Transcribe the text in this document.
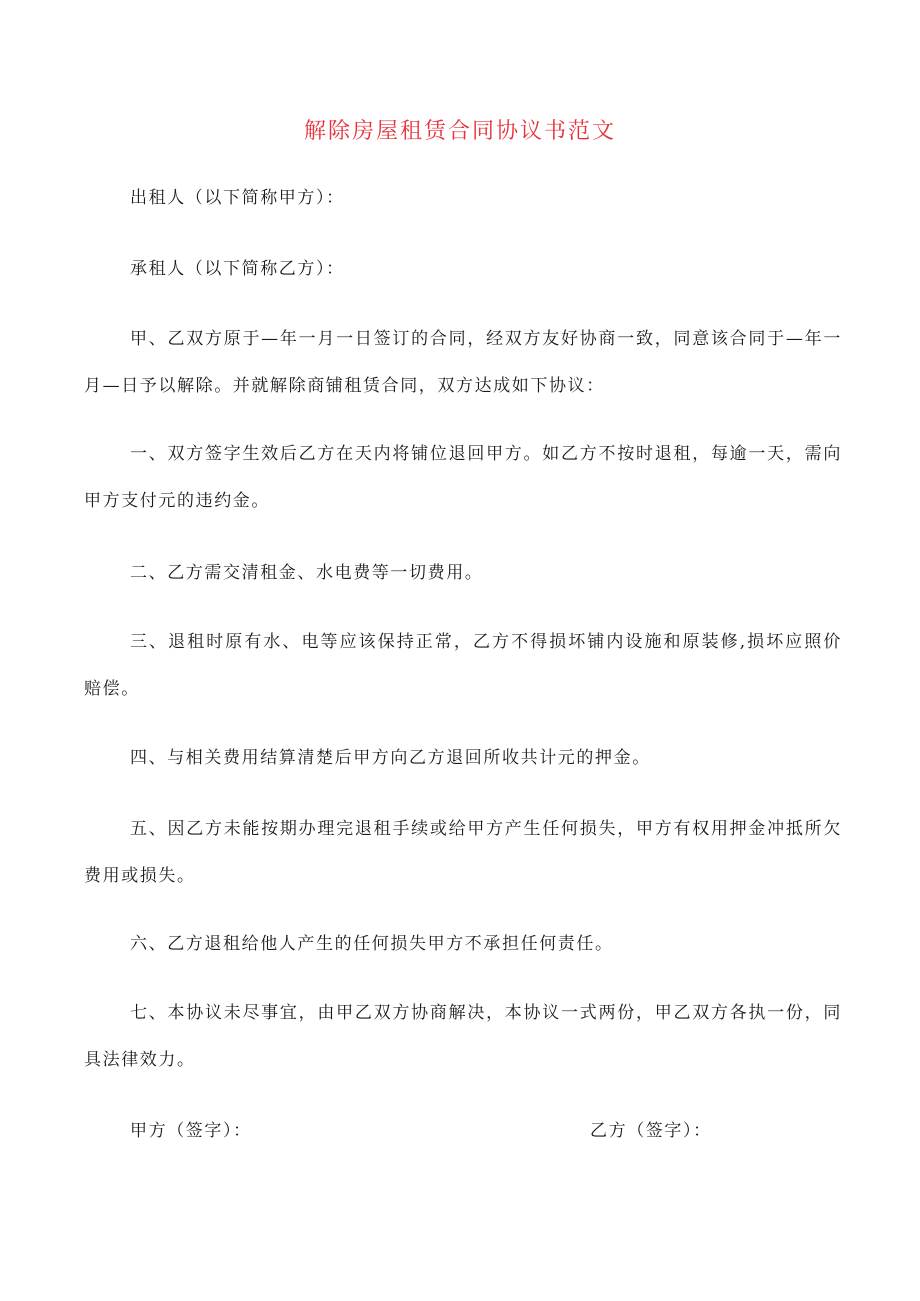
解除房屋租赁合同协议书范文

出租人（以下简称甲方）：

承租人（以下简称乙方）：

甲、乙双方原于—年一月一日签订的合同，经双方友好协商一致，同意该合同于—年一月—日予以解除。并就解除商铺租赁合同，双方达成如下协议：

一、双方签字生效后乙方在天内将铺位退回甲方。如乙方不按时退租，每逾一天，需向甲方支付元的违约金。

二、乙方需交清租金、水电费等一切费用。

三、退租时原有水、电等应该保持正常，乙方不得损坏铺内设施和原装修,损坏应照价赔偿。

四、与相关费用结算清楚后甲方向乙方退回所收共计元的押金。

五、因乙方未能按期办理完退租手续或给甲方产生任何损失，甲方有权用押金冲抵所欠费用或损失。

六、乙方退租给他人产生的任何损失甲方不承担任何责任。

七、本协议未尽事宜，由甲乙双方协商解决，本协议一式两份，甲乙双方各执一份，同具法律效力。

甲方（签字）：	乙方（签字）：
